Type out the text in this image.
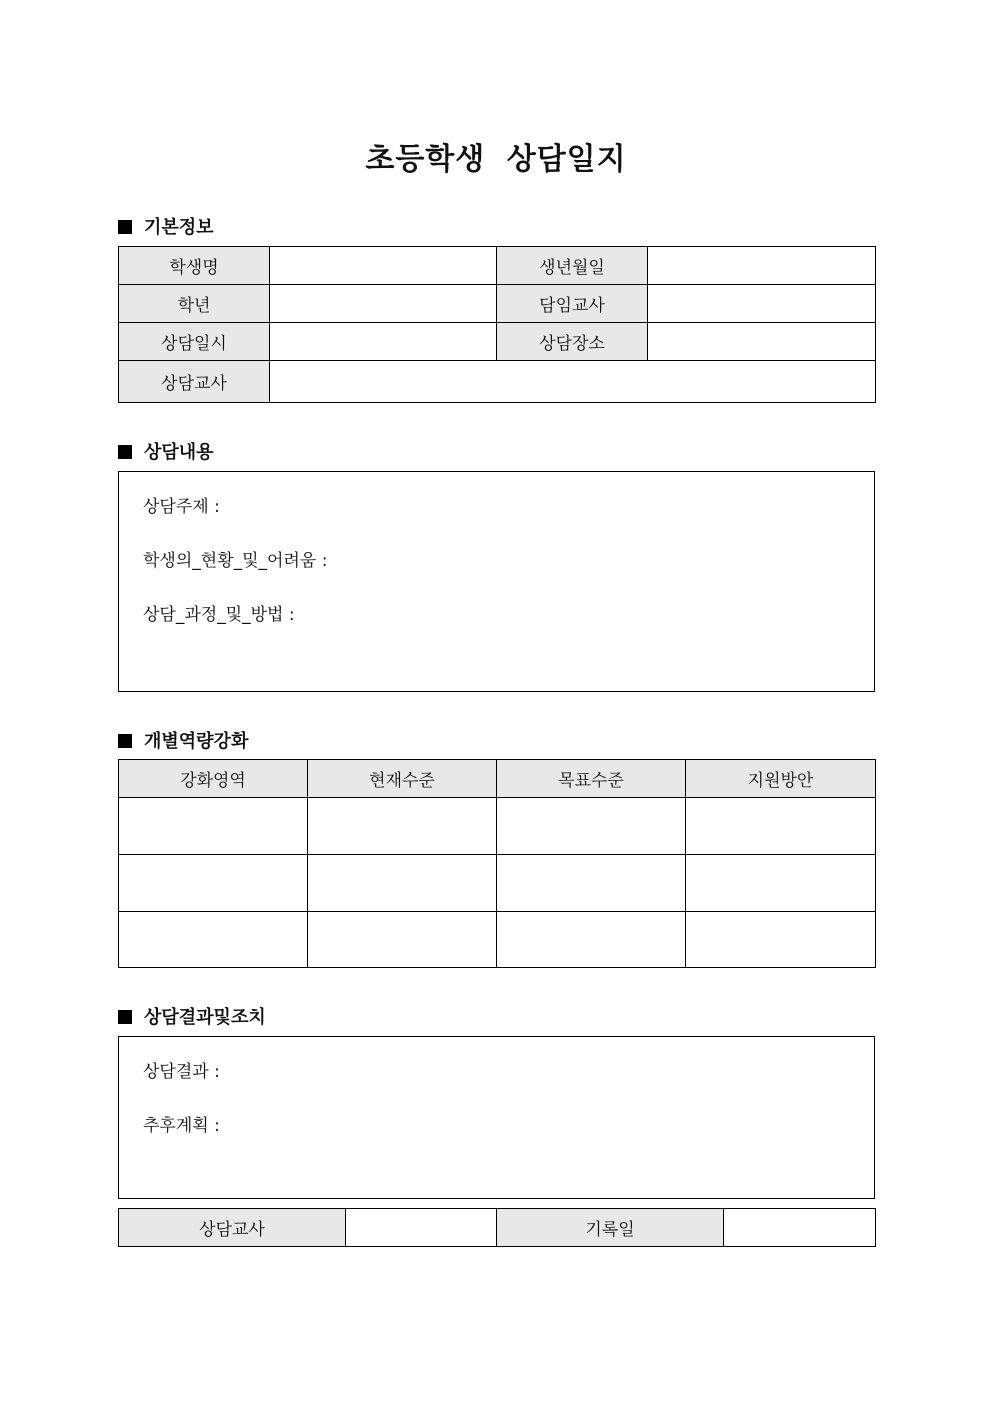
초등학생 상담일지
기본정보
학생명		생년월일	
학년		담임교사	
상담일시		상담장소	
상담교사			
상담내용
상담주제 :
학생의_현황_및_어려움 :
상담_과정_및_방법 :
개별역량강화
강화영역	현재수준	목표수준	지원방안

상담결과및조치
상담결과 :
추후계획 :
상담교사		기록일	
